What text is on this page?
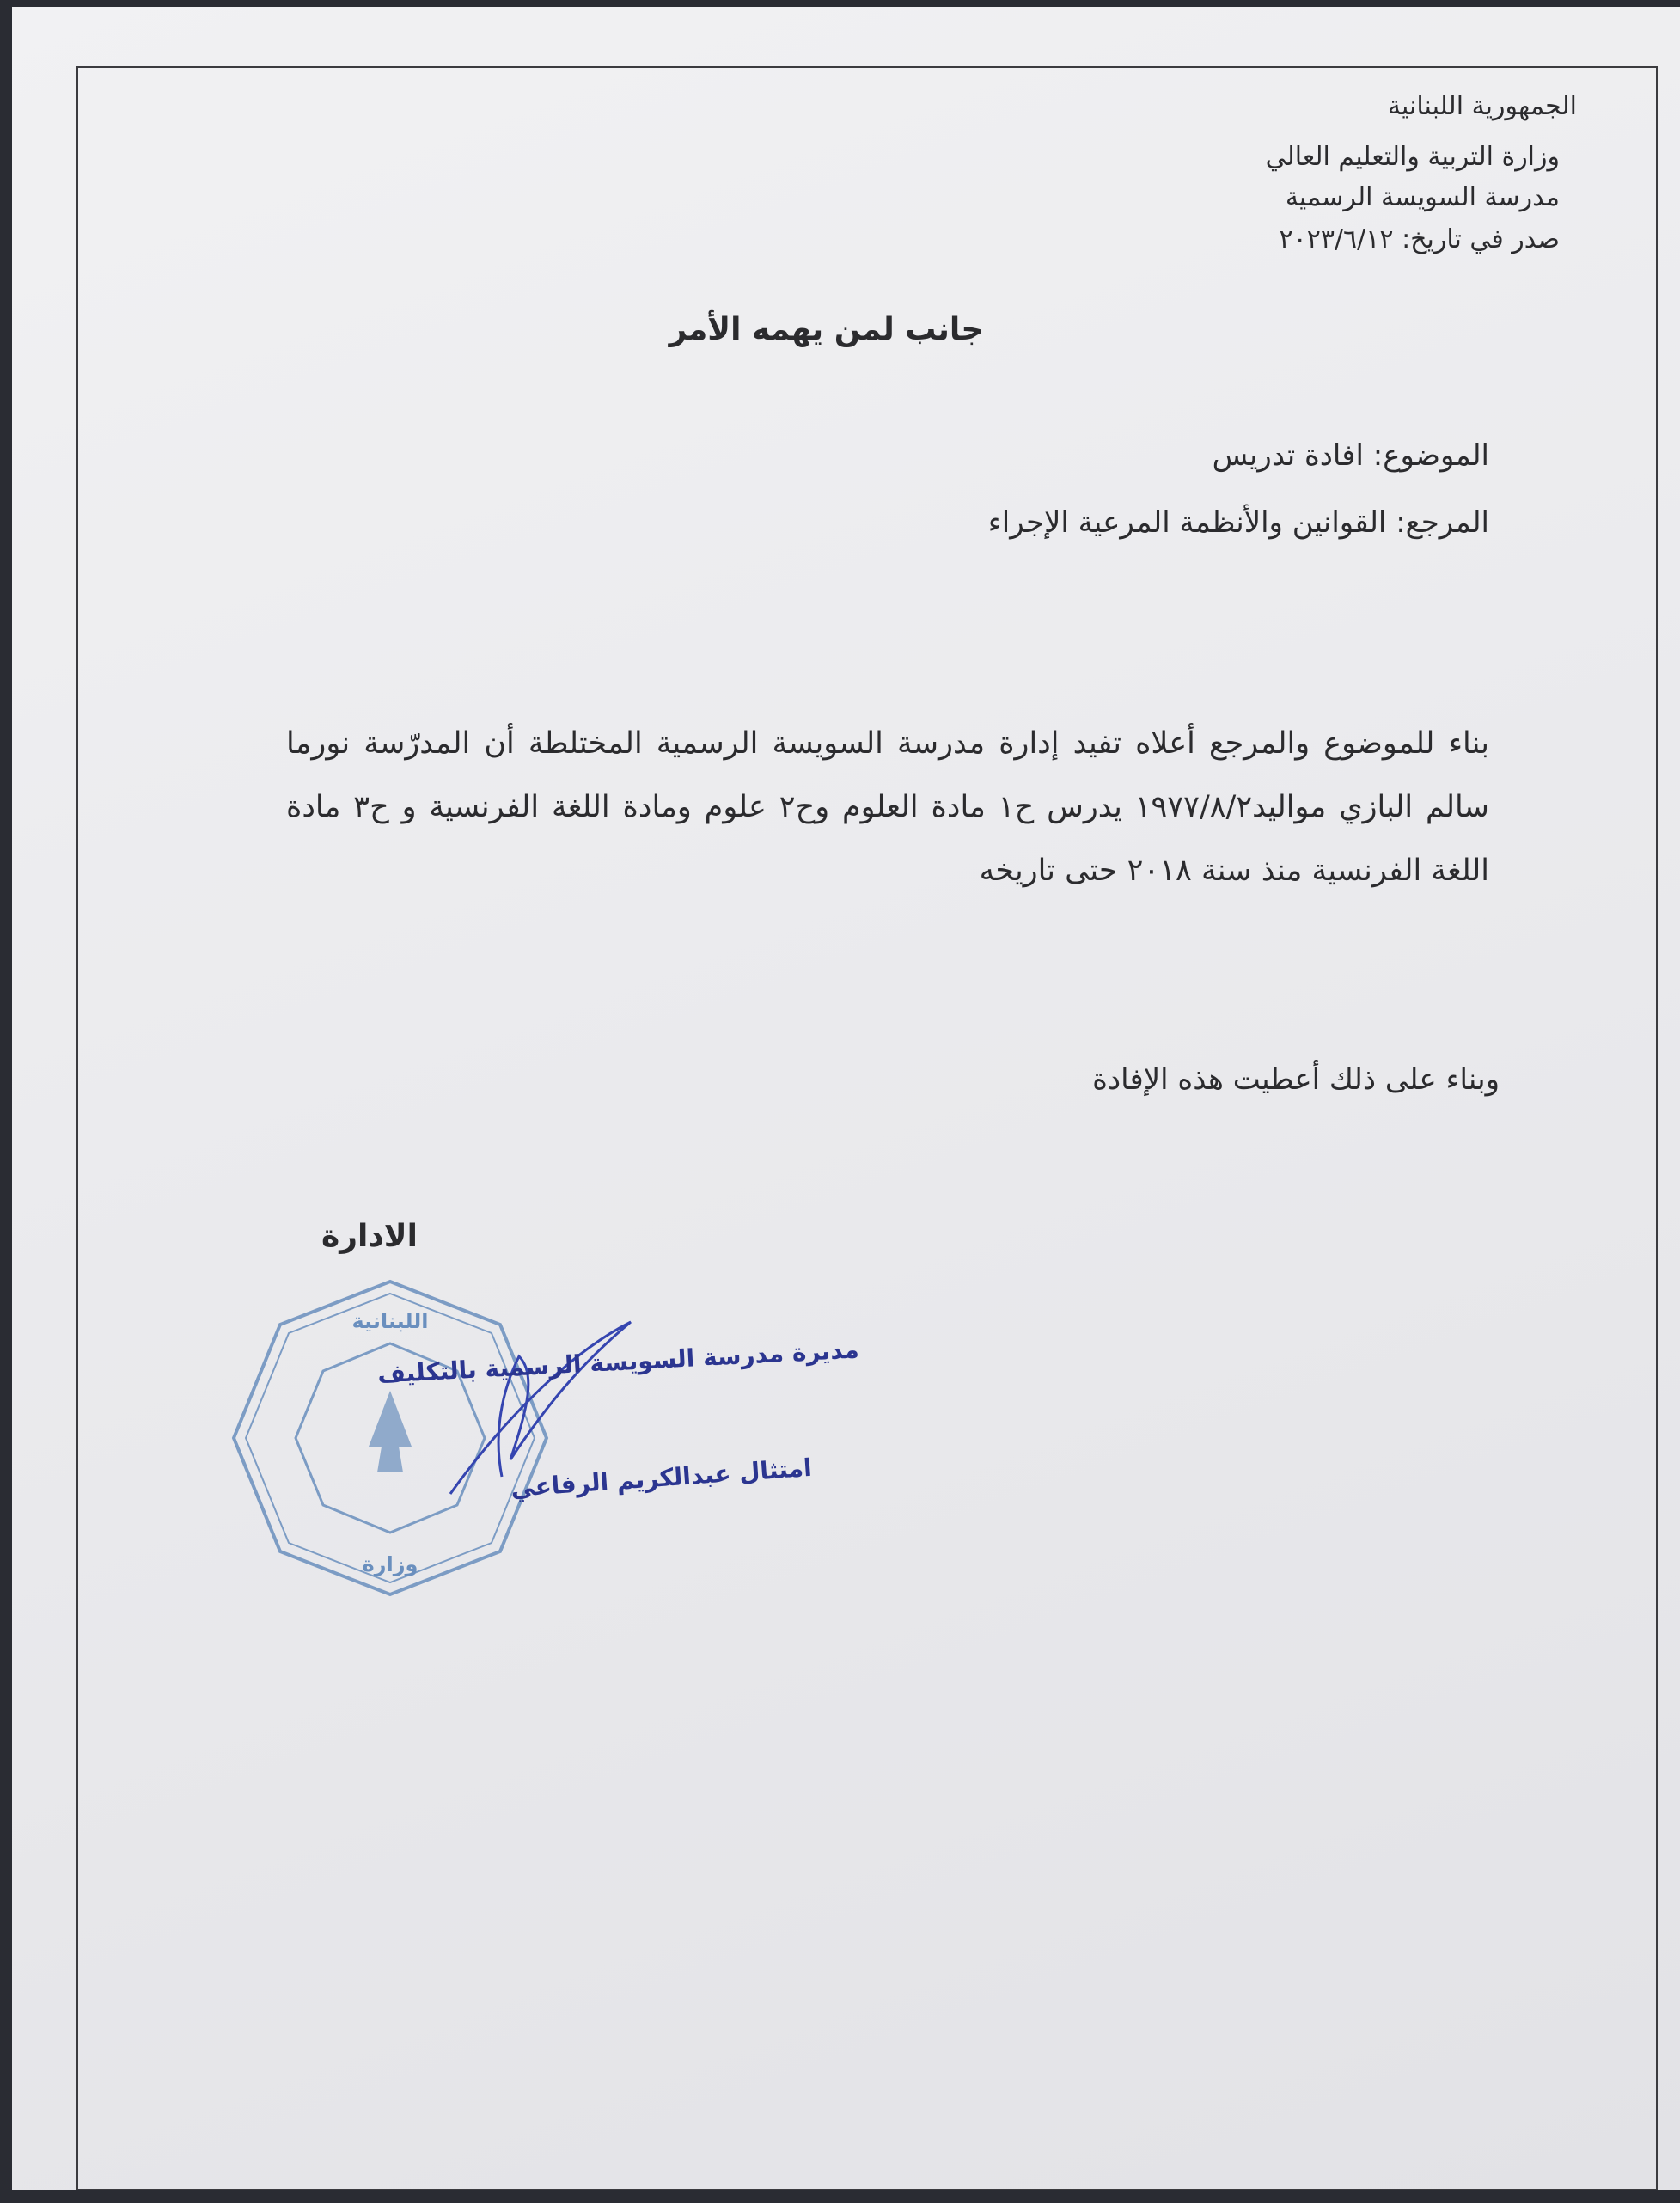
الجمهورية اللبنانية
وزارة التربية والتعليم العالي
مدرسة السويسة الرسمية
صدر في تاريخ: ٢٠٢٣/٦/١٢
جانب لمن يهمه الأمر
الموضوع: افادة تدريس
المرجع: القوانين والأنظمة المرعية الإجراء
بناء للموضوع والمرجع أعلاه تفيد إدارة مدرسة السويسة الرسمية المختلطة أن المدرّسة نورما سالم البازي مواليد١٩٧٧/٨/٢ يدرس ح١ مادة العلوم وح٢ علوم ومادة اللغة الفرنسية و ح٣ مادة اللغة الفرنسية منذ سنة ٢٠١٨ حتى تاريخه
وبناء على ذلك أعطيت هذه الإفادة
الادارة
اللبنانية
وزارة
مديرة مدرسة السويسة الرسمية بالتكليف
امتثال عبدالكريم الرفاعي
